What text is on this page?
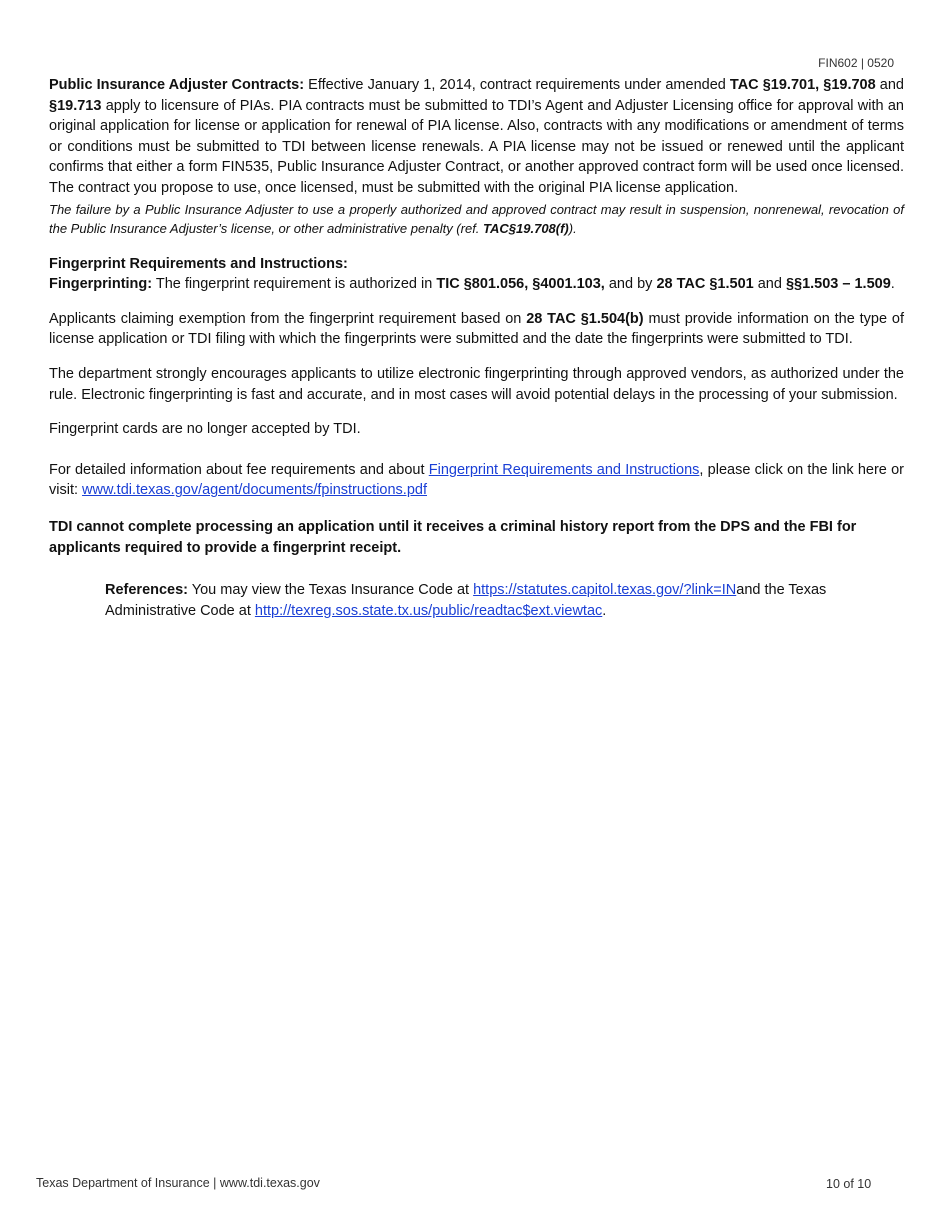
FIN602 | 0520

Public Insurance Adjuster Contracts: Effective January 1, 2014, contract requirements under amended TAC §19.701, §19.708 and §19.713 apply to licensure of PIAs. PIA contracts must be submitted to TDI’s Agent and Adjuster Licensing office for approval with an original application for license or application for renewal of PIA license. Also, contracts with any modifications or amendment of terms or conditions must be submitted to TDI between license renewals. A PIA license may not be issued or renewed until the applicant confirms that either a form FIN535, Public Insurance Adjuster Contract, or another approved contract form will be used once licensed. The contract you propose to use, once licensed, must be submitted with the original PIA license application.

The failure by a Public Insurance Adjuster to use a properly authorized and approved contract may result in suspension, nonrenewal, revocation of the Public Insurance Adjuster’s license, or other administrative penalty (ref. TAC§19.708(f)).

Fingerprint Requirements and Instructions:

Fingerprinting: The fingerprint requirement is authorized in TIC §801.056, §4001.103, and by 28 TAC §1.501 and §§1.503 – 1.509.

Applicants claiming exemption from the fingerprint requirement based on 28 TAC §1.504(b) must provide information on the type of license application or TDI filing with which the fingerprints were submitted and the date the fingerprints were submitted to TDI.

The department strongly encourages applicants to utilize electronic fingerprinting through approved vendors, as authorized under the rule. Electronic fingerprinting is fast and accurate, and in most cases will avoid potential delays in the processing of your submission.

Fingerprint cards are no longer accepted by TDI.

For detailed information about fee requirements and about Fingerprint Requirements and Instructions, please click on the link here or visit: www.tdi.texas.gov/agent/documents/fpinstructions.pdf

TDI cannot complete processing an application until it receives a criminal history report from the DPS and the FBI for applicants required to provide a fingerprint receipt.

References: You may view the Texas Insurance Code at https://statutes.capitol.texas.gov/?link=INand the Texas Administrative Code at http://texreg.sos.state.tx.us/public/readtac$ext.viewtac.

Texas Department of Insurance | www.tdi.texas.gov	10 of 10
